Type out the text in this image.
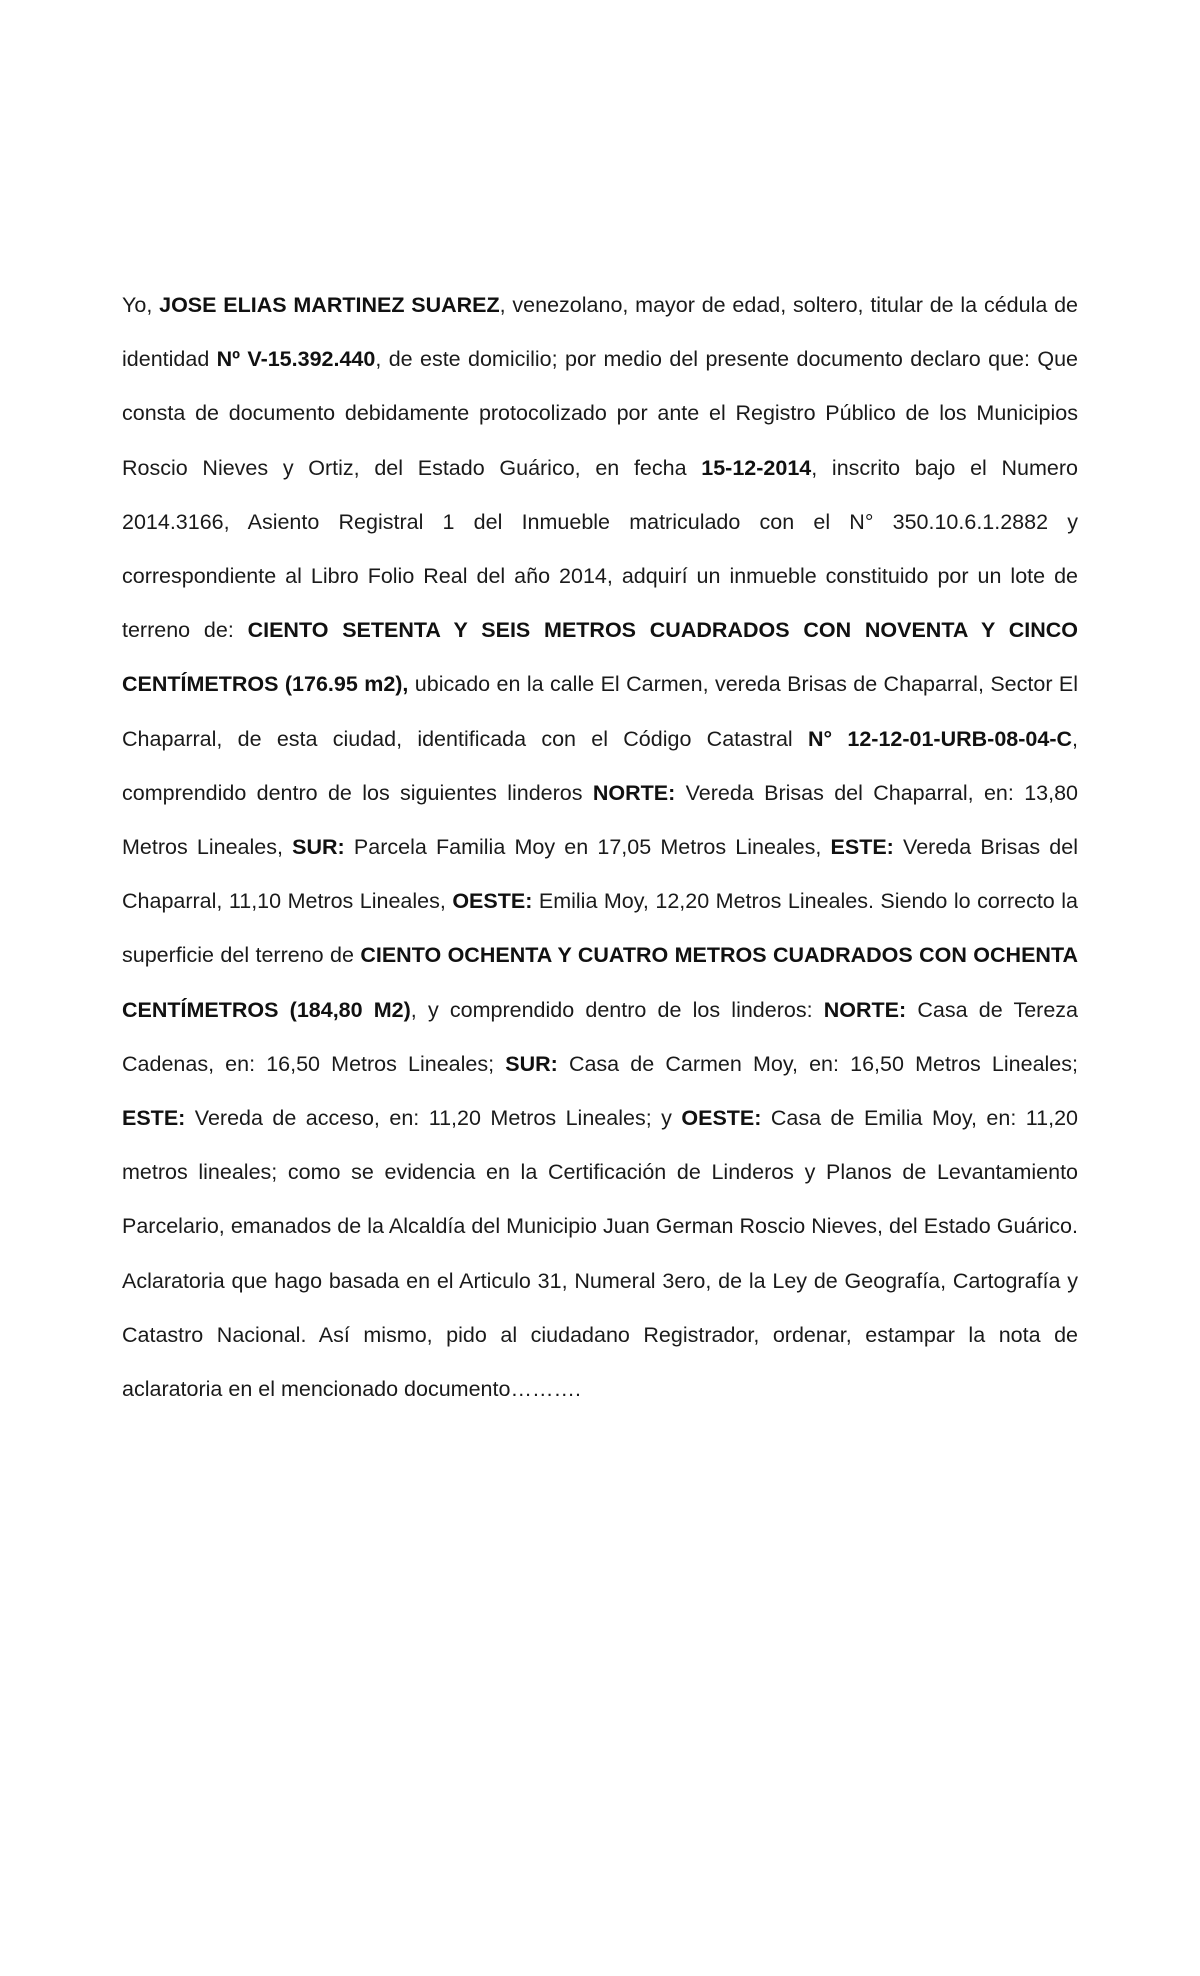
Yo, JOSE ELIAS MARTINEZ SUAREZ, venezolano, mayor de edad, soltero, titular de la cédula de identidad Nº V-15.392.440, de este domicilio; por medio del presente documento declaro que: Que consta de documento debidamente protocolizado por ante el Registro Público de los Municipios Roscio Nieves y Ortiz, del Estado Guárico, en fecha 15-12-2014, inscrito bajo el Numero 2014.3166, Asiento Registral 1 del Inmueble matriculado con el N° 350.10.6.1.2882 y correspondiente al Libro Folio Real del año 2014, adquirí un inmueble constituido por un lote de terreno de: CIENTO SETENTA Y SEIS METROS CUADRADOS CON NOVENTA Y CINCO CENTÍMETROS (176.95 m2), ubicado en la calle El Carmen, vereda Brisas de Chaparral, Sector El Chaparral, de esta ciudad, identificada con el Código Catastral N° 12-12-01-URB-08-04-C, comprendido dentro de los siguientes linderos NORTE: Vereda Brisas del Chaparral, en: 13,80 Metros Lineales, SUR: Parcela Familia Moy en 17,05 Metros Lineales, ESTE: Vereda Brisas del Chaparral, 11,10 Metros Lineales, OESTE: Emilia Moy, 12,20 Metros Lineales. Siendo lo correcto la superficie del terreno de CIENTO OCHENTA Y CUATRO METROS CUADRADOS CON OCHENTA CENTÍMETROS (184,80 M2), y comprendido dentro de los linderos: NORTE: Casa de Tereza Cadenas, en: 16,50 Metros Lineales; SUR: Casa de Carmen Moy, en: 16,50 Metros Lineales; ESTE: Vereda de acceso, en: 11,20 Metros Lineales; y OESTE: Casa de Emilia Moy, en: 11,20 metros lineales; como se evidencia en la Certificación de Linderos y Planos de Levantamiento Parcelario, emanados de la Alcaldía del Municipio Juan German Roscio Nieves, del Estado Guárico. Aclaratoria que hago basada en el Articulo 31, Numeral 3ero, de la Ley de Geografía, Cartografía y Catastro Nacional. Así mismo, pido al ciudadano Registrador, ordenar, estampar la nota de aclaratoria en el mencionado documento……….
